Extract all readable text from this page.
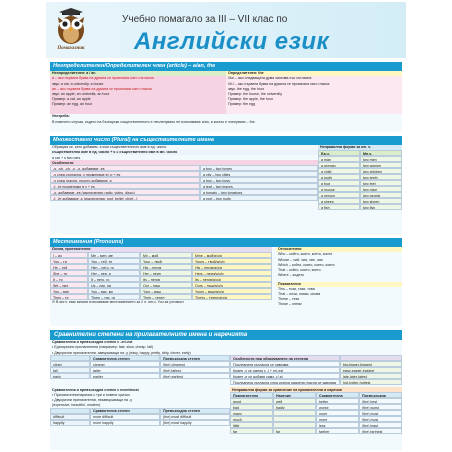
Помагалник
Учебно помагало за III – VII клас по
Английски език
Неопределителен/Определителен член (article) – a/an, the
Неопределителен: a / an	Определителен: the
a – ако първата буква на думата се произнася като съгласна
звук: a cat, a university, a house
an – ако първата буква на думата се произнася като гласна
звук: an apple, an umbrella, an hour
Пример: a cat, an apple
Пример: an egg, an hour
/ðə/ – ако следващата дума започва със съгласна
/ði:/ – ако първата буква на думата се произнася като гласна
звук, the egg, the hour
Пример: the house, the university
Пример: the apple, the hour
Пример: the egg
Употреба:
В повечето случаи, където на български съществителното е нечленувано не използваме a/an, а когато е членувано – the.
Множествено число (Plural) на съществителните имена
Образува се, като добавим -s към съществителното име в ед. число
съществително име в ед. число + s = съществително име в мн. число
a car + s two cars
Особености
-s, -sh, -ch, -x, -o, добавяме -es	a box – two boxes
-y след съгласна, y променяме в i и + es	a city – two cities
-y след гласна, просто добавяме -s	a boy – two boys
-f, -fe променяме в v + es	a leaf – two leaves
-o, добавяме -es (изключения: radio, video, disco)	a tomato – two tomatoes
-f, -fe добавяме -s (изключения: roof, belief, chief...)	a roof – two roofs
Неправилни форми за мн. ч.
Ед.ч.	Мн.ч.
a man	two men
a woman	two women
a child	two children
a tooth	two teeth
a foot	two feet
a mouse	two mice
a person	two people
a sheep	two sheep
a fish	two fish
Местоимения (Pronouns)
Лични, притежателни
I – аз	Me – мен, ме	My – мой	Mine – мой/я/о/и
You – ти	You – теб, те	Your – твой	Yours – твой/я/о/и
He – той	Him – него, го	His – негов	His – негов/а/о/и
She – тя	Her – нея, я	Her – неин	Hers – неин/я/о/и
It – то	It – него, го	Its – негов	Its – негов/а/о/и
We – ние	Us – нас, ни	Our – наш	Ours – наш/а/о/и
You – вие	You – вас, ви	Your – ваш	Yours – ваш/а/о/и
They – те	Them – тях, ги	Their – техен	Theirs – техен/а/о/и
!!! В англ. език винаги използваме местоимението за 2 л. мн.ч. You за учтивост
Относителни
Who – който, която, което, които
Whose – чий, чия, чие, чии
Which – който, която, което, които
That – който, която, което
Where – където
Показателни
This – този, тази, това
That – онзи, онази, онова
These – тези
Those – онези
Сравнителни степени на прилагателните имена и наречията
Сравнителна и превъзходна степен с -er/-est
• Едносрични прилагателни (например: fast, slow, cheap, tall)
• Двусрични прилагателни, завършващи на -y (easy, happy, pretty, dirty, clever, early)
Сравнителна степен	Превъзходна степен
clean	cleaner	(the) cleanest
tall	taller	(the) tallest
early	earlier	(the) earliest
Особености при образуването на степени
Последната съгласна се удвоява	big-bigger-biggest
Краен -у се сменя с -i + er/-est	easy-easier-easiest
Краен -е се добавя само -r/-st	late-later-latest
Последната съгласна след кратка ударена гласна се удвоява	hot-hotter-hottest
Сравнителна и превъзходна степен с more/most
• Прилагателни/наречия с три и повече срички
• Двусрични прилагателни, незавършващи на -у
(expensive, beautiful, modern)
Сравнителна степен	Превъзходна степен
difficult	more difficult	(the) most difficult
happily	more happily	(the) most happily
Неправилни форми за сравнение на прилагателни и наречия
Прилагателно	Наречие	Сравнителна	Превъзходна
good	well	better	(the) best
bad	badly	worse	(the) worst
many	more	(the) most
much	more	(the) most
little	less	(the) least
far	far	farther	(the) farthest
